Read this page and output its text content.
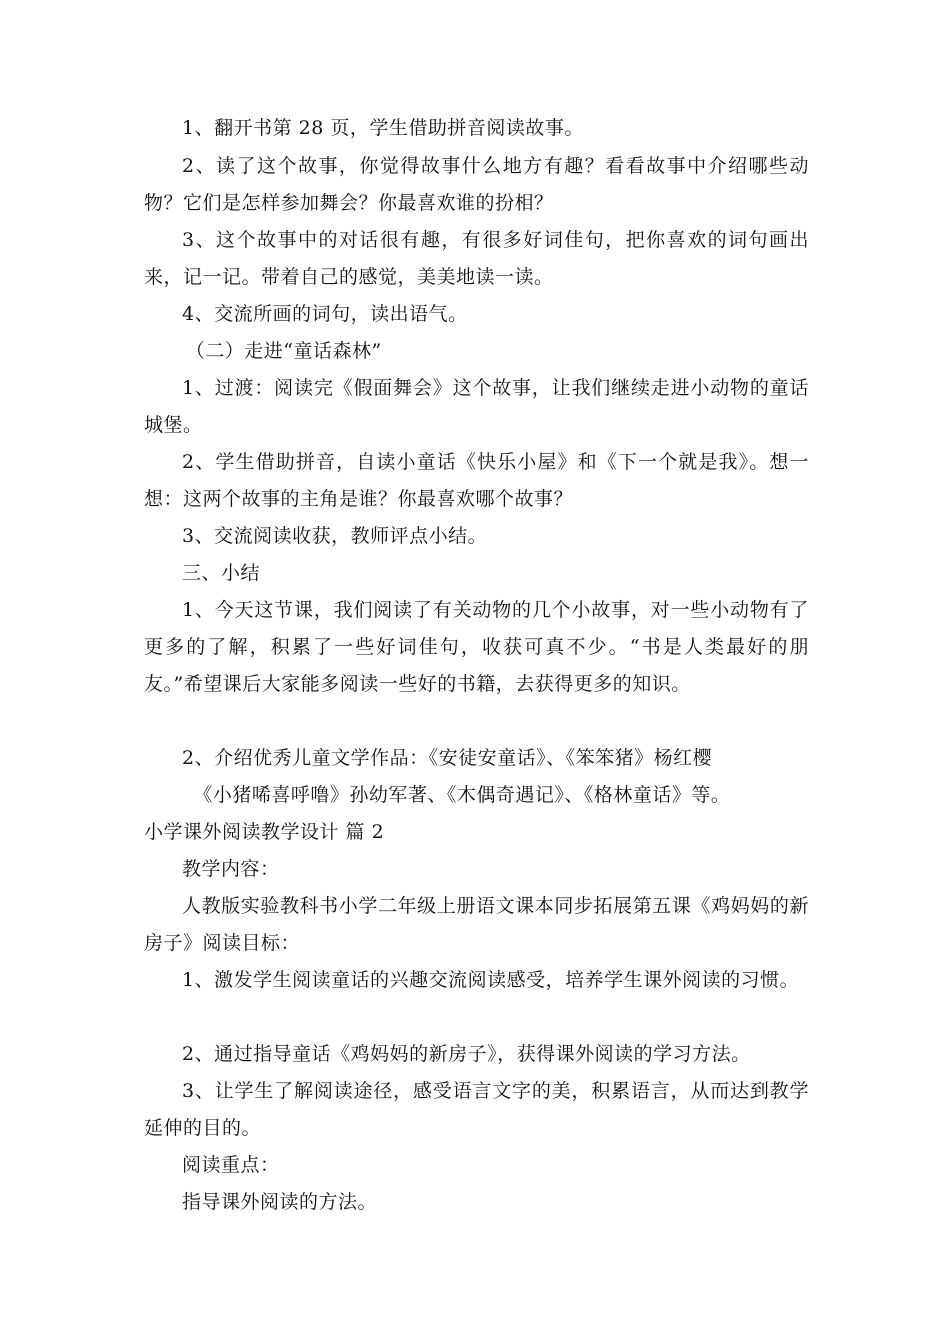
1、翻开书第 28 页，学生借助拼音阅读故事。

2、读了这个故事，你觉得故事什么地方有趣？看看故事中介绍哪些动物？它们是怎样参加舞会？你最喜欢谁的扮相？

3、这个故事中的对话很有趣，有很多好词佳句，把你喜欢的词句画出来，记一记。带着自己的感觉，美美地读一读。

4、交流所画的词句，读出语气。

（二）走进“童话森林”

1、过渡：阅读完《假面舞会》这个故事，让我们继续走进小动物的童话城堡。

2、学生借助拼音，自读小童话《快乐小屋》和《下一个就是我》。想一想：这两个故事的主角是谁？你最喜欢哪个故事？

3、交流阅读收获，教师评点小结。

三、小结

1、今天这节课，我们阅读了有关动物的几个小故事，对一些小动物有了更多的了解，积累了一些好词佳句，收获可真不少。“书是人类最好的朋友。”希望课后大家能多阅读一些好的书籍，去获得更多的知识。

2、介绍优秀儿童文学作品：《安徒安童话》、《笨笨猪》杨红樱

《小猪唏喜呼噜》孙幼军著、《木偶奇遇记》、《格林童话》等。

小学课外阅读教学设计 篇 2

教学内容：

人教版实验教科书小学二年级上册语文课本同步拓展第五课《鸡妈妈的新房子》阅读目标：

1、激发学生阅读童话的兴趣交流阅读感受，培养学生课外阅读的习惯。

2、通过指导童话《鸡妈妈的新房子》，获得课外阅读的学习方法。

3、让学生了解阅读途径，感受语言文字的美，积累语言，从而达到教学延伸的目的。

阅读重点：

指导课外阅读的方法。
